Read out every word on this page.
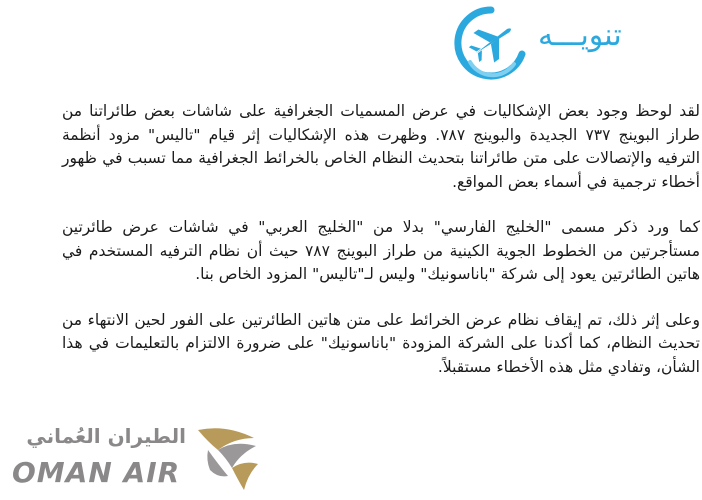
تنويـــه

لقد لوحظ وجود بعض الإشكاليات في عرض المسميات الجغرافية على شاشات بعض طائراتنا من طراز البوينج ٧٣٧ الجديدة والبوينج ٧٨٧. وظهرت هذه الإشكاليات إثر قيام "تاليس" مزود أنظمة الترفيه والإتصالات على متن طائراتنا بتحديث النظام الخاص بالخرائط الجغرافية مما تسبب في ظهور أخطاء ترجمية في أسماء بعض المواقع.

كما ورد ذكر مسمى "الخليج الفارسي" بدلا من "الخليج العربي" في شاشات عرض طائرتين مستأجرتين من الخطوط الجوية الكينية من طراز البوينج ٧٨٧ حيث أن نظام الترفيه المستخدم في هاتين الطائرتين يعود إلى شركة "باناسونيك" وليس لـ"تاليس" المزود الخاص بنا.

وعلى إثر ذلك، تم إيقاف نظام عرض الخرائط على متن هاتين الطائرتين على الفور لحين الانتهاء من تحديث النظام، كما أكدنا على الشركة المزودة "باناسونيك" على ضرورة الالتزام بالتعليمات في هذا الشأن، وتفادي مثل هذه الأخطاء مستقبلاً.

الطيران العُماني
OMAN AIR
